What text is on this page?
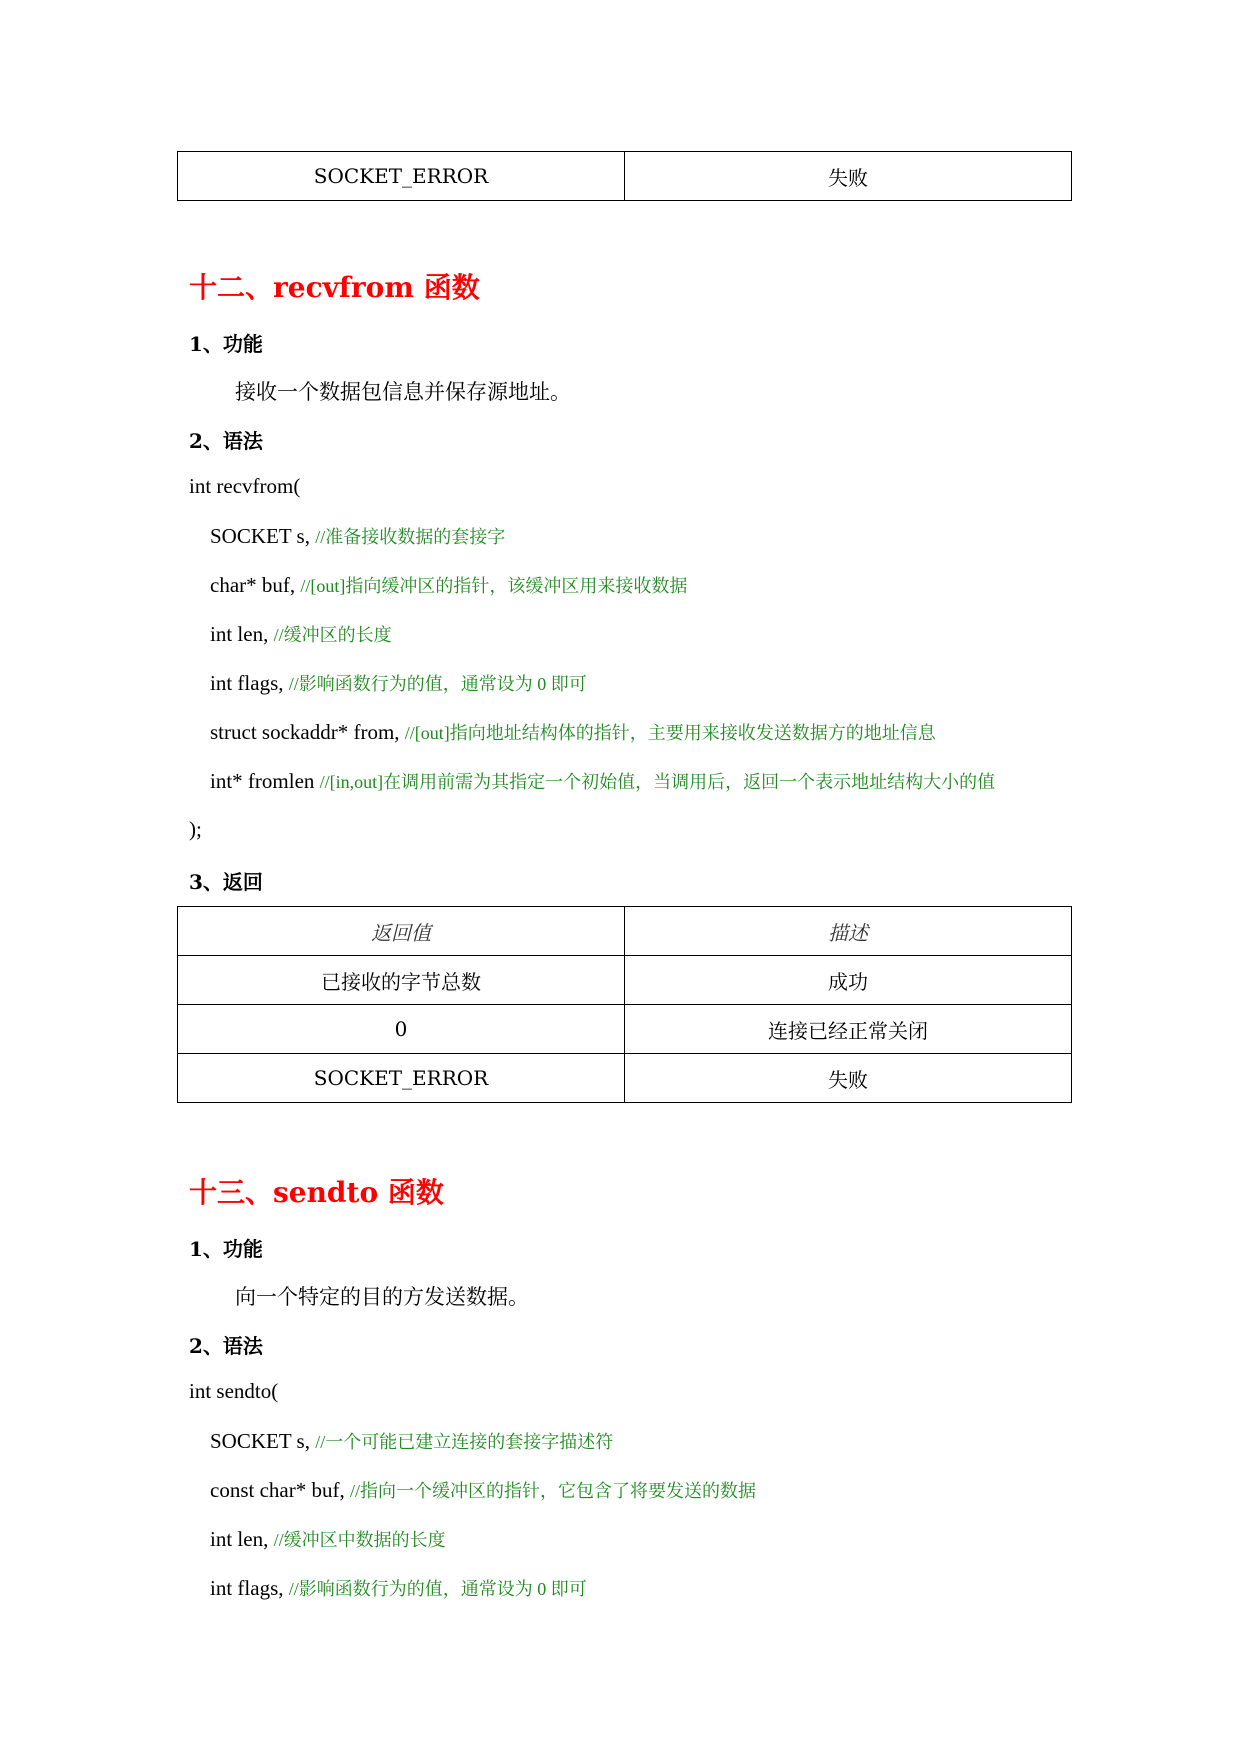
SOCKET_ERROR	失败
十二、recvfrom 函数
1、功能
接收一个数据包信息并保存源地址。
2、语法
int recvfrom(
SOCKET s, //准备接收数据的套接字
char* buf, //[out]指向缓冲区的指针，该缓冲区用来接收数据
int len, //缓冲区的长度
int flags, //影响函数行为的值，通常设为 0 即可
struct sockaddr* from, //[out]指向地址结构体的指针，主要用来接收发送数据方的地址信息
int* fromlen //[in,out]在调用前需为其指定一个初始值，当调用后，返回一个表示地址结构大小的值
);
3、返回
返回值	描述
已接收的字节总数	成功
0	连接已经正常关闭
SOCKET_ERROR	失败
十三、sendto 函数
1、功能
向一个特定的目的方发送数据。
2、语法
int sendto(
SOCKET s, //一个可能已建立连接的套接字描述符
const char* buf, //指向一个缓冲区的指针，它包含了将要发送的数据
int len, //缓冲区中数据的长度
int flags, //影响函数行为的值，通常设为 0 即可
